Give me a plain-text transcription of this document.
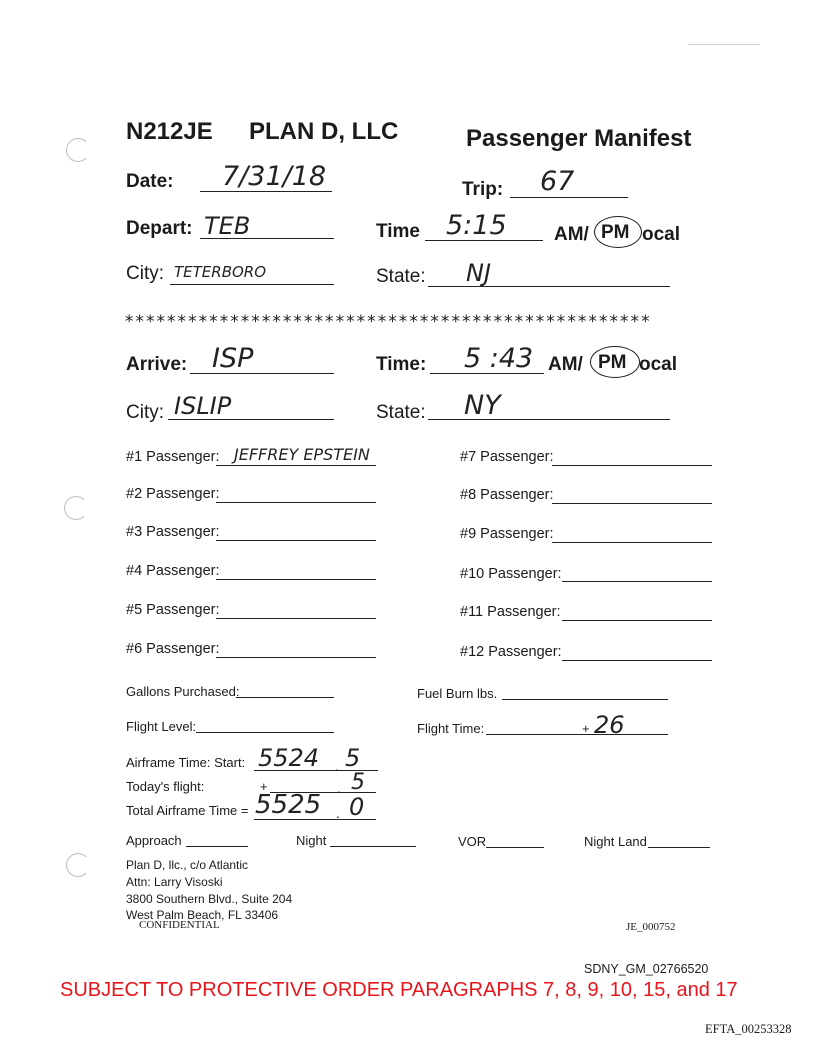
N212JE PLAN D, LLC	Passenger Manifest
Date: 7/31/18	Trip: 67
Depart: TEB	Time 5:15 AM/ PM ocal
City: TETERBORO	State: NJ
**************************************************
Arrive: ISP	Time: 5 :43 AM/ PM ocal
City: ISLIP	State: NY
#1 Passenger: JEFFREY EPSTEIN
#2 Passenger:
#3 Passenger:
#4 Passenger:
#5 Passenger:
#6 Passenger:
#7 Passenger:
#8 Passenger:
#9 Passenger:
#10 Passenger:
#11 Passenger:
#12 Passenger:
Gallons Purchased:	Fuel Burn lbs.
Flight Level:	Flight Time:	+ 26
Airframe Time: Start: 5524 . 5
Today's flight:	+	. 5
Total Airframe Time = 5525 . 0
Approach	Night	VOR	Night Land
Plan D, llc., c/o Atlantic
Attn: Larry Visoski
3800 Southern Blvd., Suite 204
West Palm Beach, FL 33406
CONFIDENTIAL	JE_000752
SDNY_GM_02766520
SUBJECT TO PROTECTIVE ORDER PARAGRAPHS 7, 8, 9, 10, 15, and 17
EFTA_00253328
